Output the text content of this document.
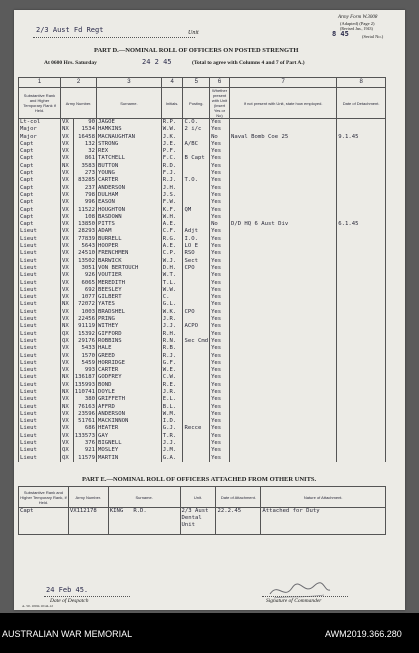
2/3 Aust Fd Regt	Unit
Army Form W.3008
(Adapted) (Page 2)
(Revised Jan., 1943)
8 45	(Serial No.)
PART D.—NOMINAL ROLL OF OFFICERS ON POSTED STRENGTH
At 0600 Hrs. Saturday	24 2 45	(Total to agree with Columns 4 and 7 of Part A.)
1	2		3	4	5	6	7	8
Substantive Rank and Higher Temporary Rank if Held.	Army Number.		Surname.	Initials.	Posting.	Whether present with Unit (insert Yes or No)	If not present with Unit, state how employed.	Date of Detachment.
Lt-col	VX	90	JAGOE	R.P.	C.O.	Yes		
Major	NX	1534	HAMKINS	W.W.	2 i/c	Yes		
Major	VX	16458	MACNAUGHTAN	J.K.		No	Naval Bomb Coe 25	9.1.45
Capt	VX	132	STRONG	J.E.	A/BC	Yes		
Capt	VX	32	REX	P.F.		Yes		
Capt	VX	861	TATCHELL	F.C.	B Capt	Yes		
Capt	NX	3583	BUTTON	R.D.		Yes		
Capt	VX	273	YOUNG	F.J.		Yes		
Capt	VX	83285	CARTER	R.J.	T.O.	Yes		
Capt	VX	237	ANDERSON	J.H.		Yes		
Capt	VX	798	DULHAM	J.S.		Yes		
Capt	VX	996	EASON	F.W.		Yes		
Capt	VX	11522	HOUGHTON	K.F.	QM	Yes		
Capt	VX	108	BASDOWN	W.H.		Yes		
Capt	VX	13850	PITTS	A.E.		No	D/D HQ 6 Aust Div	6.1.45
Lieut	VX	28293	ADAM	C.F.	Adjt	Yes		
Lieut	VX	77839	BURRELL	R.G.	I.O.	Yes		
Lieut	VX	5643	HOOPER	A.E.	LO E	Yes		
Lieut	VX	24510	FRENCHMEN	C.P.	RSO	Yes		
Lieut	VX	13502	BARWICK	W.J.	Sect	Yes		
Lieut	VX	3051	VON BERTOUCH	D.H.	CPO	Yes		
Lieut	VX	926	VOUTIER	W.T.		Yes		
Lieut	VX	6065	MEREDITH	T.L.		Yes		
Lieut	VX	692	BEESLEY	W.W.		Yes		
Lieut	VX	1077	GILBERT	C.		Yes		
Lieut	NX	72072	YATES	G.L.		Yes		
Lieut	VX	1003	BRADSHEL	W.K.	CPO	Yes		
Lieut	VX	22456	PRING	J.R.		Yes		
Lieut	NX	91119	WITHEY	J.J.	ACPO	Yes		
Lieut	QX	15392	GIFFORD	R.H.		Yes		
Lieut	QX	29176	ROBBINS	R.N.	Sec Cmd	Yes		
Lieut	VX	5433	HALE	R.B.		Yes		
Lieut	VX	1570	GREED	R.J.		Yes		
Lieut	VX	5459	HORRIDGE	G.F.		Yes		
Lieut	VX	993	CARTER	W.E.		Yes		
Lieut	NX	136187	GODFREY	C.W.		Yes		
Lieut	VX	135993	BOND	R.E.		Yes		
Lieut	NX	110741	DOYLE	J.R.		Yes		
Lieut	VX	380	GRIFFETH	E.L.		Yes		
Lieut	NX	76163	AFFRD	B.L.		Yes		
Lieut	VX	23596	ANDERSON	W.M.		Yes		
Lieut	VX	51761	MACKINNON	I.D.		Yes		
Lieut	VX	686	HEATER	G.J.	Recce	Yes		
Lieut	VX	133573	GAY	T.R.		Yes		
Lieut	VX	376	BIGNELL	J.J.		Yes		
Lieut	QX	921	MOSLEY	J.M.		Yes		
Lieut	QX	11579	MARTIN	G.A.		Yes		
PART E.—NOMINAL ROLL OF OFFICERS ATTACHED FROM OTHER UNITS.
Substantive Rank and Higher Temporary Rank, if Held.	Army Number.	Surname.	Unit.	Date of Attachment.	Nature of Attachment.
Capt	VX112178	KING   R.D.	2/3 Aust
Dental
Unit	22.2.45	Attached for Duty
24 Feb 45.
Date of Despatch	Signature of Commander
A. 50. 100m 10/44-12
AUSTRALIAN WAR MEMORIAL	AWM2019.366.280
